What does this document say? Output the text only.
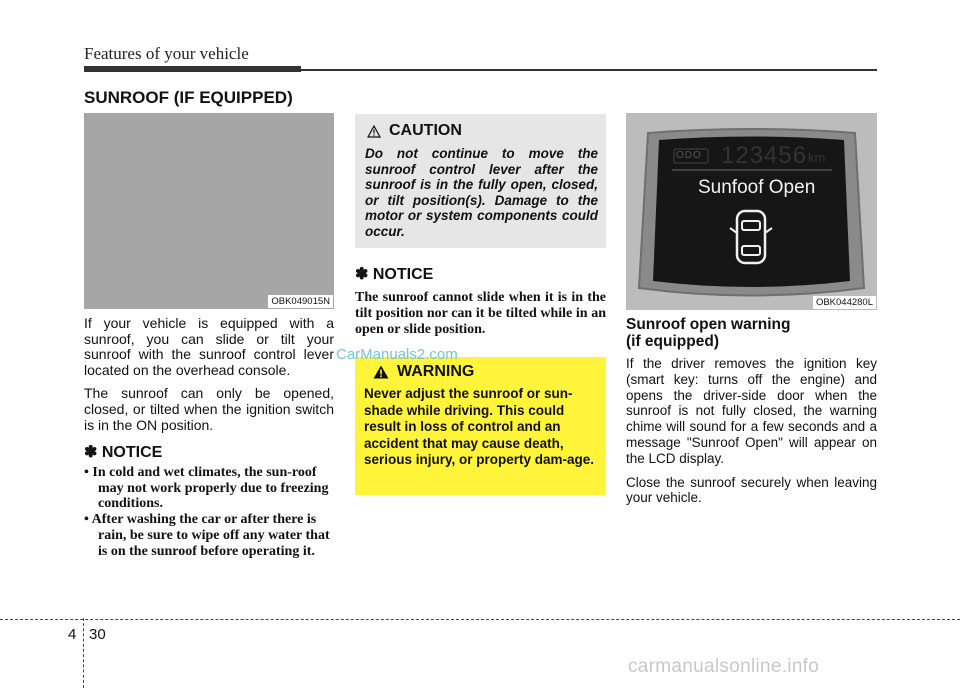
Features of your vehicle
SUNROOF (IF EQUIPPED)
OBK049015N

If your vehicle is equipped with a sunroof, you can slide or tilt your sunroof with the sunroof control lever located on the overhead console.

The sunroof can only be opened, closed, or tilted when the ignition switch is in the ON position.

✽ NOTICE
• In cold and wet climates, the sun-roof may not work properly due to freezing conditions.
• After washing the car or after there is rain, be sure to wipe off any water that is on the sunroof before operating it.
CAUTION
Do not continue to move the sunroof control lever after the sunroof is in the fully open, closed, or tilt position(s). Damage to the motor or system components could occur.
✽ NOTICE
The sunroof cannot slide when it is in the tilt position nor can it be tilted while in an open or slide position.
WARNING
Never adjust the sunroof or sun-shade while driving. This could result in loss of control and an accident that may cause death, serious injury, or property dam-age.
ODO 123456 km
Sunfoof Open
OBK044280L
Sunroof open warning
(if equipped)

If the driver removes the ignition key (smart key: turns off the engine) and opens the driver-side door when the sunroof is not fully closed, the warning chime will sound for a few seconds and a message "Sunroof Open" will appear on the LCD display.

Close the sunroof securely when leaving your vehicle.

4 30
CarManuals2.com
carmanualsonline.info
